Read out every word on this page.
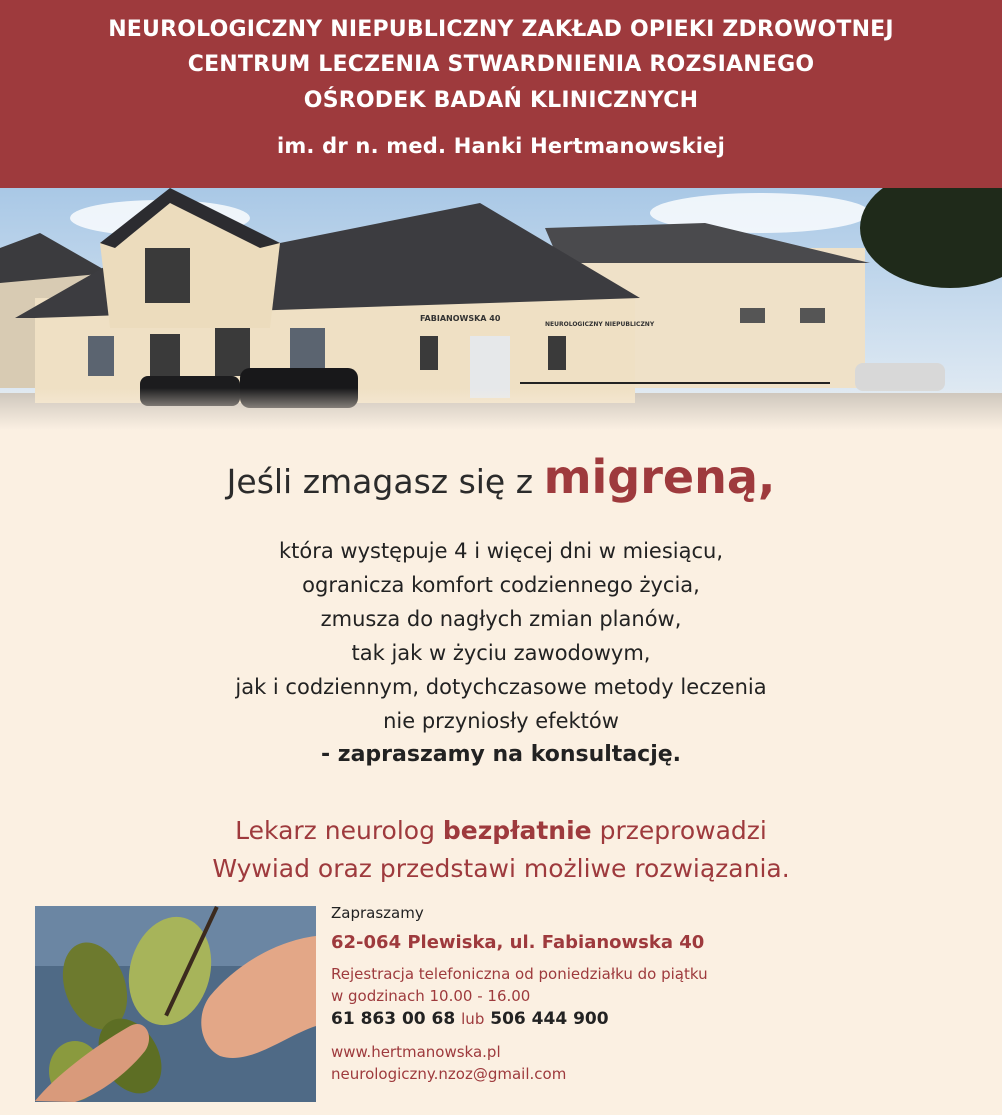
NEUROLOGICZNY NIEPUBLICZNY ZAKŁAD OPIEKI ZDROWOTNEJ
CENTRUM LECZENIA STWARDNIENIA ROZSIANEGO
OŚRODEK BADAŃ KLINICZNYCH
im. dr n. med. Hanki Hertmanowskiej
FABIANOWSKA 40
NEUROLOGICZNY NIEPUBLICZNY
Jeśli zmagasz się z migreną,
która występuje 4 i więcej dni w miesiącu,
ogranicza komfort codziennego życia,
zmusza do nagłych zmian planów,
tak jak w życiu zawodowym,
jak i codziennym, dotychczasowe metody leczenia
nie przyniosły efektów
- zapraszamy na konsultację.
Lekarz neurolog bezpłatnie przeprowadzi
Wywiad oraz przedstawi możliwe rozwiązania.
Zapraszamy
62-064 Plewiska, ul. Fabianowska 40
Rejestracja telefoniczna od poniedziałku do piątku
w godzinach 10.00 - 16.00
61 863 00 68 lub 506 444 900
www.hertmanowska.pl
neurologiczny.nzoz@gmail.com
